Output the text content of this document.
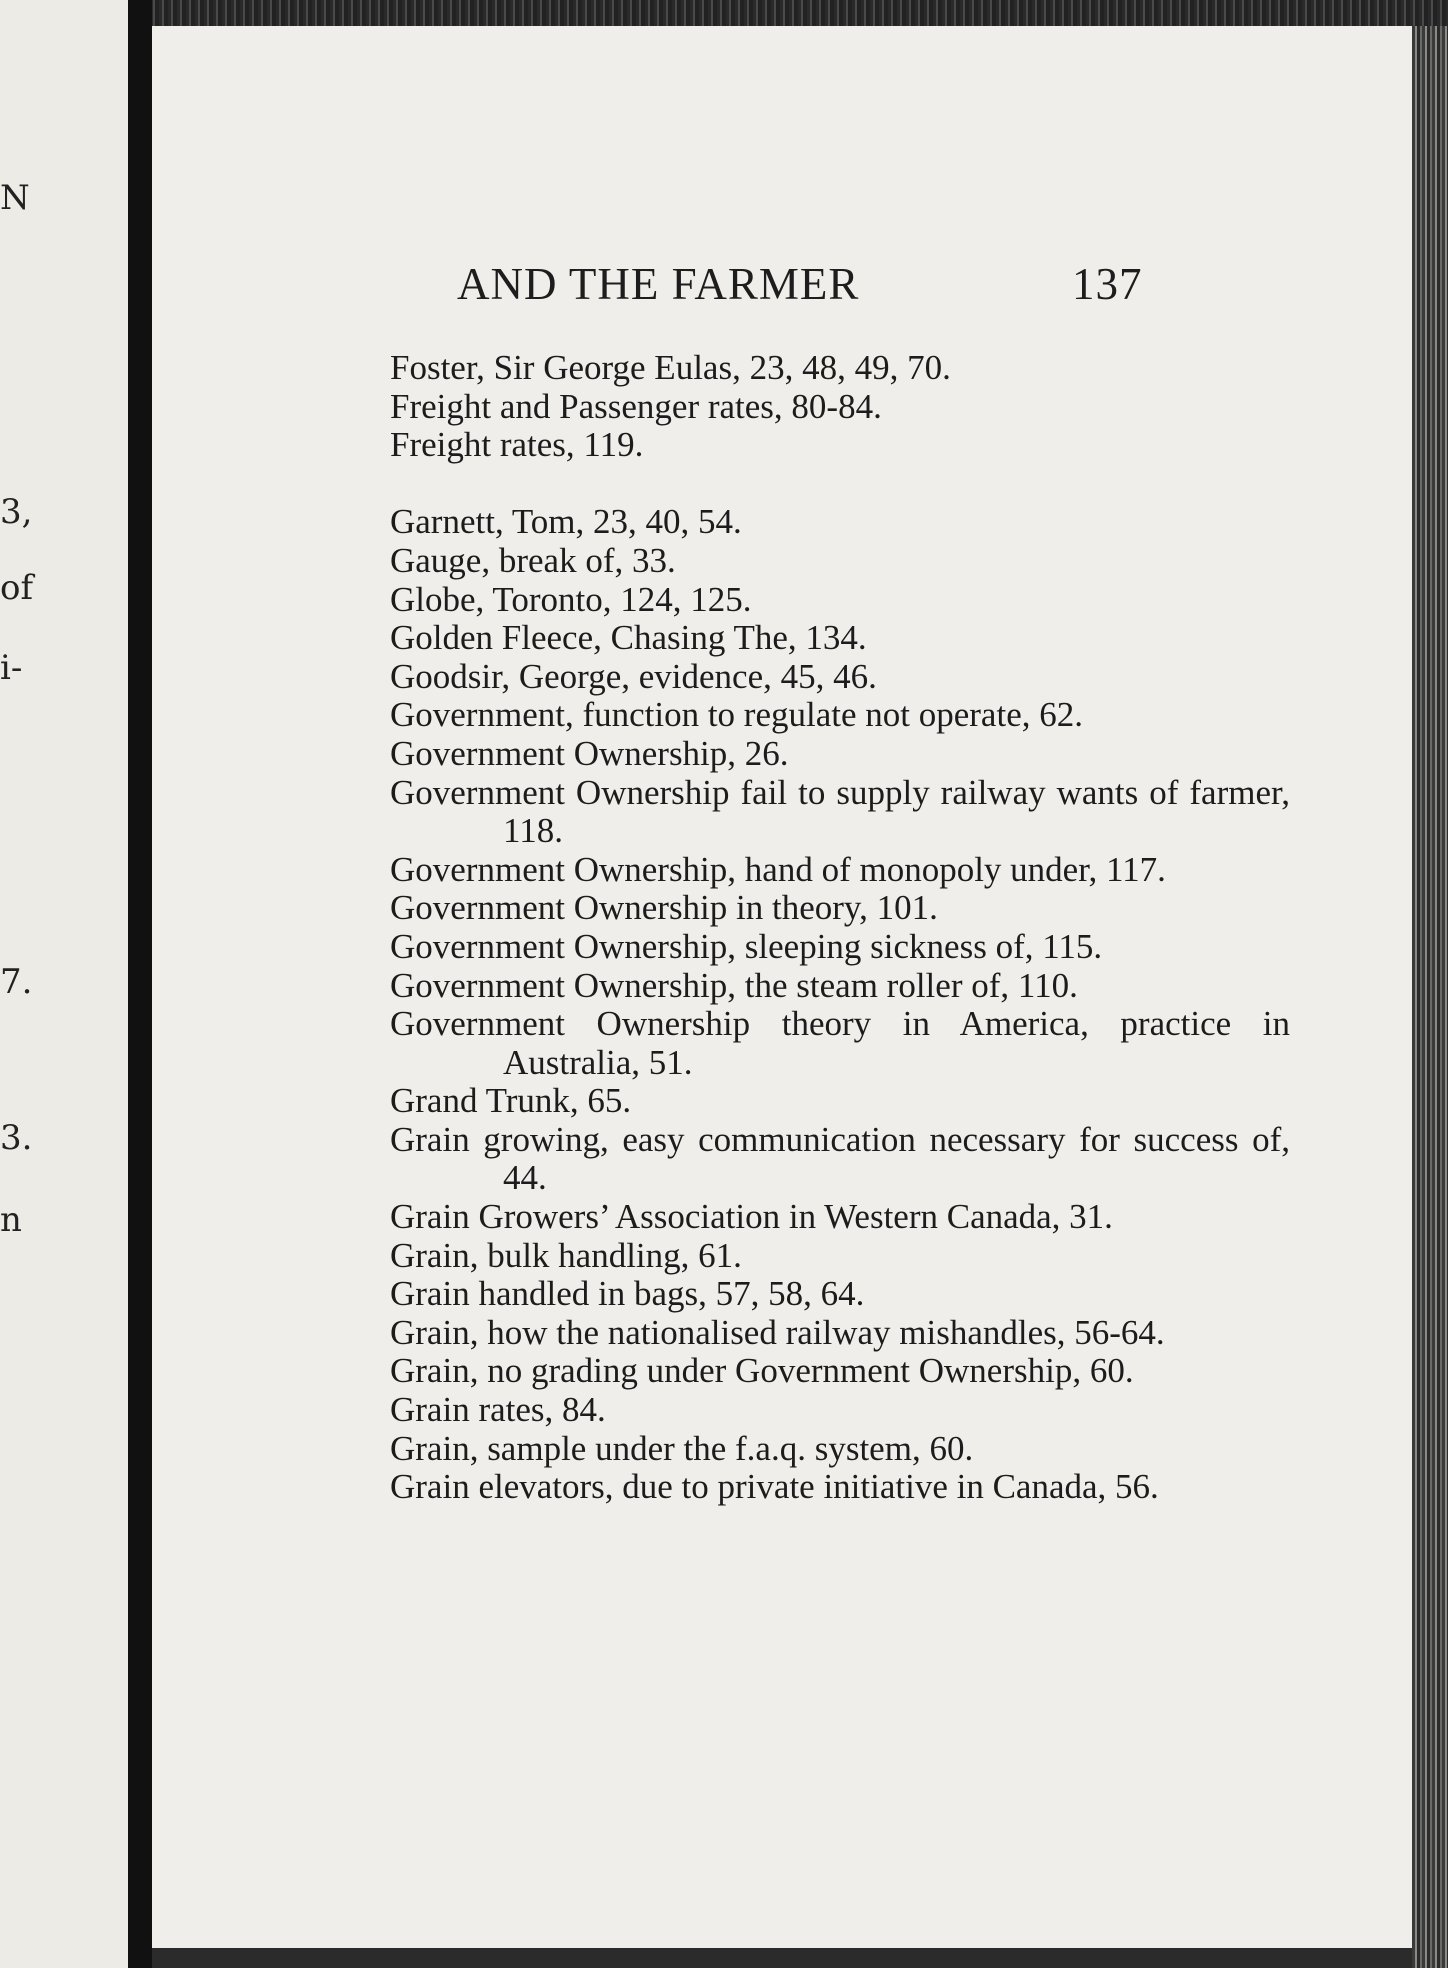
N
3,
of
i-
7.
3.
n
AND THE FARMER	137
Foster, Sir George Eulas, 23, 48, 49, 70.
Freight and Passenger rates, 80-84.
Freight rates, 119.
Garnett, Tom, 23, 40, 54.
Gauge, break of, 33.
Globe, Toronto, 124, 125.
Golden Fleece, Chasing The, 134.
Goodsir, George, evidence, 45, 46.
Government, function to regulate not operate, 62.
Government Ownership, 26.
Government Ownership fail to supply railway wants of farmer, 118.
Government Ownership, hand of monopoly under, 117.
Government Ownership in theory, 101.
Government Ownership, sleeping sickness of, 115.
Government Ownership, the steam roller of, 110.
Government Ownership theory in America, practice in Australia, 51.
Grand Trunk, 65.
Grain growing, easy communication necessary for success of, 44.
Grain Growers’ Association in Western Canada, 31.
Grain, bulk handling, 61.
Grain handled in bags, 57, 58, 64.
Grain, how the nationalised railway mishandles, 56-64.
Grain, no grading under Government Ownership, 60.
Grain rates, 84.
Grain, sample under the f.a.q. system, 60.
Grain elevators, due to private initiative in Canada, 56.
